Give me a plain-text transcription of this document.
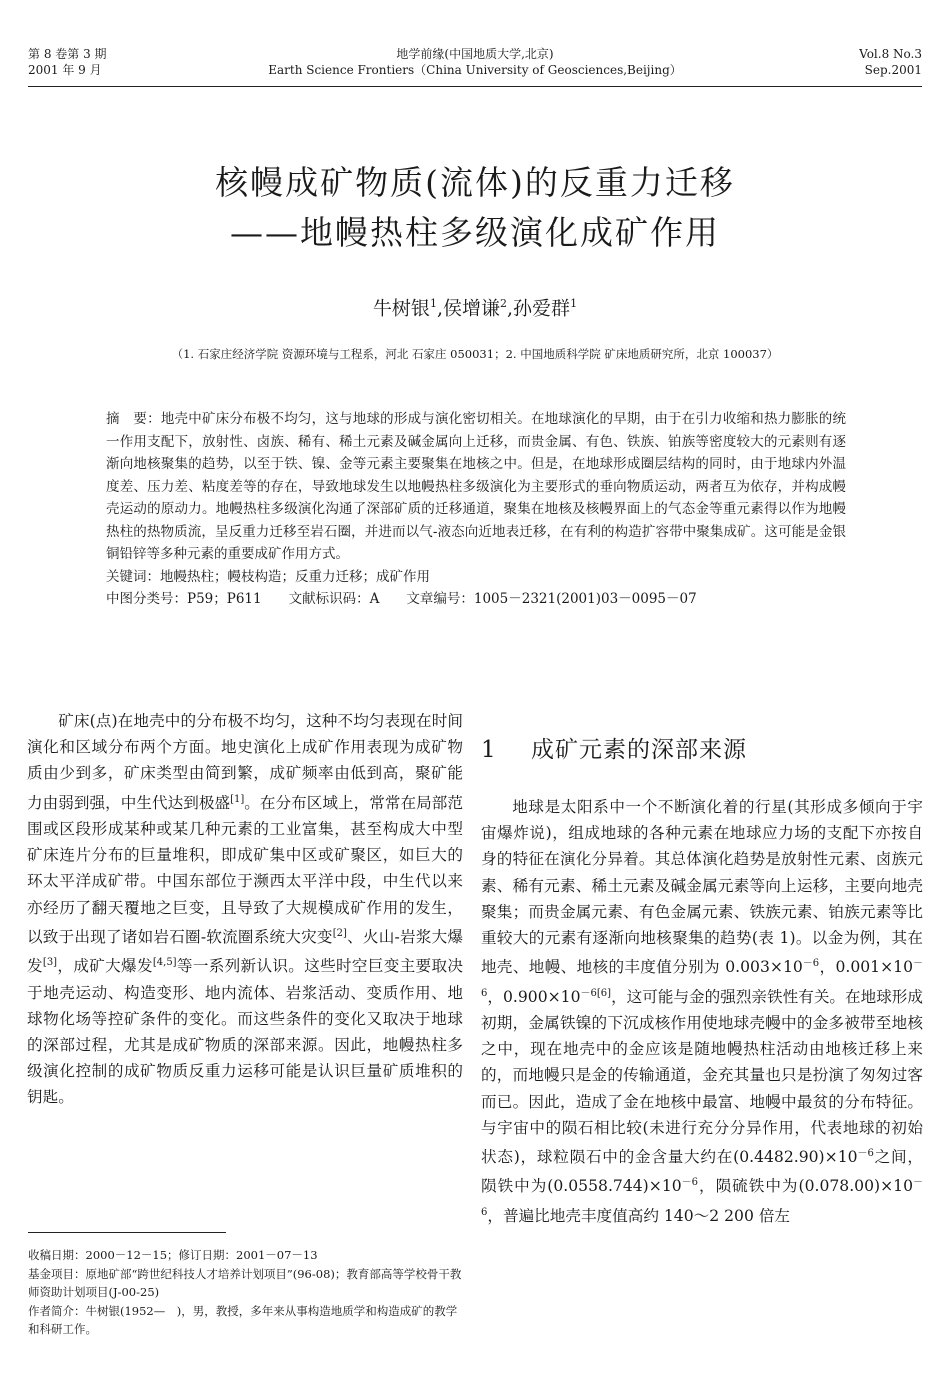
第 8 卷第 3 期
2001 年 9 月
地学前缘(中国地质大学,北京)
Earth Science Frontiers（China University of Geosciences,Beijing）
Vol.8 No.3
Sep.2001
核幔成矿物质(流体)的反重力迁移
——地幔热柱多级演化成矿作用
牛树银$^1$,侯增谦$^2$,孙爱群$^1$
（1. 石家庄经济学院 资源环境与工程系，河北 石家庄 050031；2. 中国地质科学院 矿床地质研究所，北京 100037）

摘　要：地壳中矿床分布极不均匀，这与地球的形成与演化密切相关。在地球演化的早期，由于在引力收缩和热力膨胀的统一作用支配下，放射性、卤族、稀有、稀土元素及碱金属向上迁移，而贵金属、有色、铁族、铂族等密度较大的元素则有逐渐向地核聚集的趋势，以至于铁、镍、金等元素主要聚集在地核之中。但是，在地球形成圈层结构的同时，由于地球内外温度差、压力差、粘度差等的存在，导致地球发生以地幔热柱多级演化为主要形式的垂向物质运动，两者互为依存，并构成幔壳运动的原动力。地幔热柱多级演化沟通了深部矿质的迁移通道，聚集在地核及核幔界面上的气态金等重元素得以作为地幔热柱的热物质流，呈反重力迁移至岩石圈，并进而以气-液态向近地表迁移，在有利的构造扩容带中聚集成矿。这可能是金银铜铅锌等多种元素的重要成矿作用方式。

关键词：地幔热柱；幔枝构造；反重力迁移；成矿作用

中图分类号：P59；P611　　 文献标识码：A　　 文章编号：1005－2321(2001)03－0095－07

矿床(点)在地壳中的分布极不均匀，这种不均匀表现在时间演化和区域分布两个方面。地史演化上成矿作用表现为成矿物质由少到多，矿床类型由简到繁，成矿频率由低到高，聚矿能力由弱到强，中生代达到极盛[1]。在分布区域上，常常在局部范围或区段形成某种或某几种元素的工业富集，甚至构成大中型矿床连片分布的巨量堆积，即成矿集中区或矿聚区，如巨大的环太平洋成矿带。中国东部位于濒西太平洋中段，中生代以来亦经历了翻天覆地之巨变，且导致了大规模成矿作用的发生，以致于出现了诸如岩石圈-软流圈系统大灾变[2]、火山-岩浆大爆发[3]，成矿大爆发[4,5]等一系列新认识。这些时空巨变主要取决于地壳运动、构造变形、地内流体、岩浆活动、变质作用、地球物化场等控矿条件的变化。而这些条件的变化又取决于地球的深部过程，尤其是成矿物质的深部来源。因此，地幔热柱多级演化控制的成矿物质反重力运移可能是认识巨量矿质堆积的钥匙。

1 成矿元素的深部来源

地球是太阳系中一个不断演化着的行星(其形成多倾向于宇宙爆炸说)，组成地球的各种元素在地球应力场的支配下亦按自身的特征在演化分异着。其总体演化趋势是放射性元素、卤族元素、稀有元素、稀土元素及碱金属元素等向上运移，主要向地壳聚集；而贵金属元素、有色金属元素、铁族元素、铂族元素等比重较大的元素有逐渐向地核聚集的趋势(表 1)。以金为例，其在地壳、地幔、地核的丰度值分别为 $0.003\times 10^{-6}$，$0.001\times 10^{-6}$，$0.900\times 10^{-6[6]}$，这可能与金的强烈亲铁性有关。在地球形成初期，金属铁镍的下沉成核作用使地球壳幔中的金多被带至地核之中，现在地壳中的金应该是随地幔热柱活动由地核迁移上来的，而地幔只是金的传输通道，金充其量也只是扮演了匆匆过客而已。因此，造成了金在地核中最富、地幔中最贫的分布特征。与宇宙中的陨石相比较(未进行充分分异作用，代表地球的初始状态)，球粒陨石中的金含量大约在$(0.4482.90)\times 10^{-6}$之间，陨铁中为$(0.0558.744)\times 10^{-6}$，陨硫铁中为$(0.078.00)\times 10^{-6}$，普遍比地壳丰度值高约 140～2 200 倍左

收稿日期：2000－12－15；修订日期：2001－07－13

基金项目：原地矿部“跨世纪科技人才培养计划项目”(96-08)；教育部高等学校骨干教师资助计划项目(J-00-25)

作者简介：牛树银(1952—　)，男，教授，多年来从事构造地质学和构造成矿的教学和科研工作。
